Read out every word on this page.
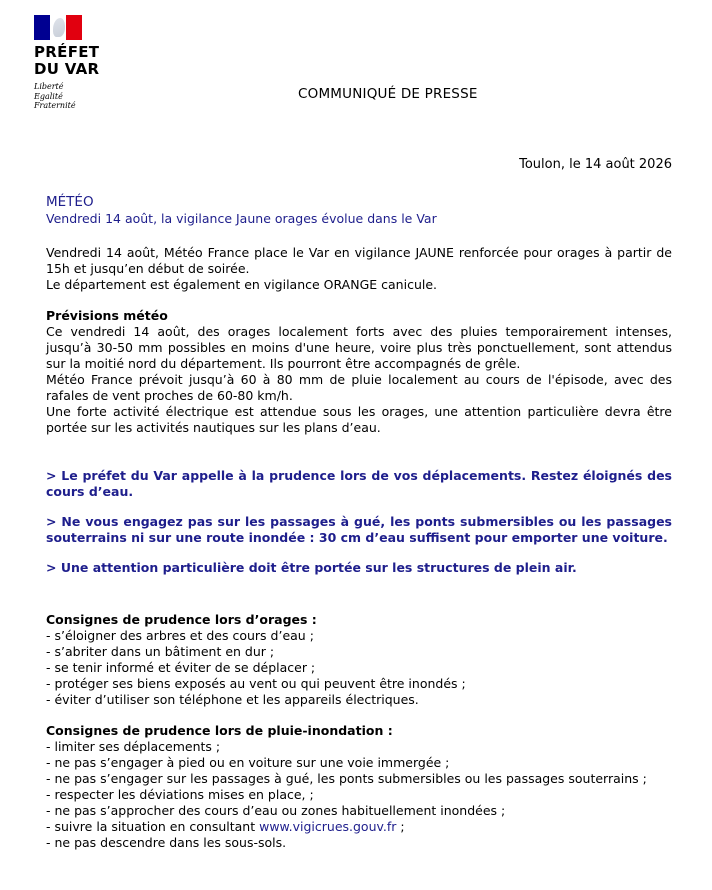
PRÉFET
DU VAR
Liberté
Egalité
Fraternité
COMMUNIQUÉ DE PRESSE
Toulon, le 14 août 2026
MÉTÉO
Vendredi 14 août, la vigilance Jaune orages évolue dans le Var

Vendredi 14 août, Météo France place le Var en vigilance JAUNE renforcée pour orages à partir de 15h et jusqu’en début de soirée.

Le département est également en vigilance ORANGE canicule.

Prévisions météo

Ce vendredi 14 août, des orages localement forts avec des pluies temporairement intenses, jusqu’à 30-50 mm possibles en moins d'une heure, voire plus très ponctuellement, sont attendus sur la moitié nord du département. Ils pourront être accompagnés de grêle.

Météo France prévoit jusqu’à 60 à 80 mm de pluie localement au cours de l'épisode, avec des rafales de vent proches de 60-80 km/h.

Une forte activité électrique est attendue sous les orages, une attention particulière devra être portée sur les activités nautiques sur les plans d’eau.

> Le préfet du Var appelle à la prudence lors de vos déplacements. Restez éloignés des cours d’eau.

> Ne vous engagez pas sur les passages à gué, les ponts submersibles ou les passages souterrains ni sur une route inondée : 30 cm d’eau suffisent pour emporter une voiture.

> Une attention particulière doit être portée sur les structures de plein air.

Consignes de prudence lors d’orages :

- s’éloigner des arbres et des cours d’eau ;
- s’abriter dans un bâtiment en dur ;
- se tenir informé et éviter de se déplacer ;
- protéger ses biens exposés au vent ou qui peuvent être inondés ;
- éviter d’utiliser son téléphone et les appareils électriques.

Consignes de prudence lors de pluie-inondation :

- limiter ses déplacements ;
- ne pas s’engager à pied ou en voiture sur une voie immergée ;
- ne pas s’engager sur les passages à gué, les ponts submersibles ou les passages souterrains ;
- respecter les déviations mises en place, ;
- ne pas s’approcher des cours d’eau ou zones habituellement inondées ;
- suivre la situation en consultant www.vigicrues.gouv.fr ;
- ne pas descendre dans les sous-sols.
